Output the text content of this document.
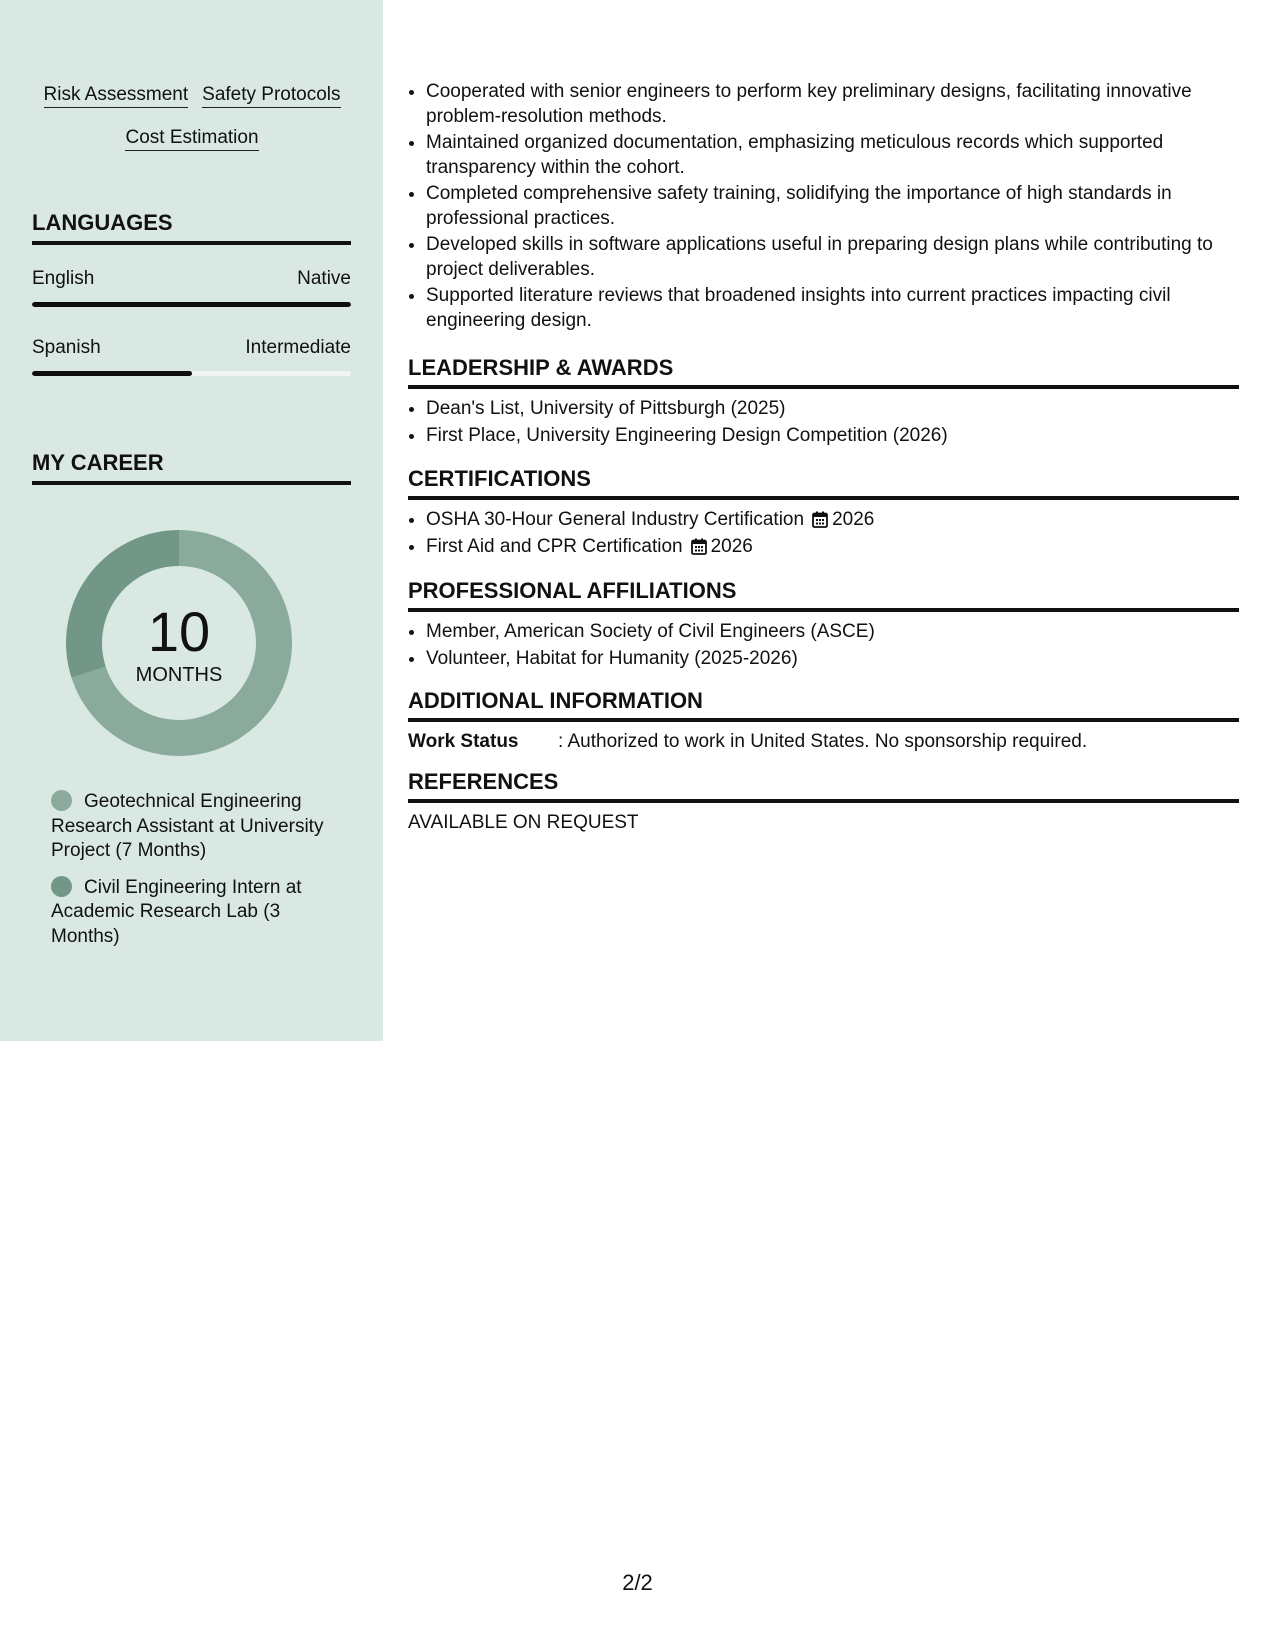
Risk Assessment Safety Protocols
Cost Estimation
LANGUAGES
English	Native
Spanish	Intermediate
MY CAREER
10
MONTHS
Geotechnical Engineering Research Assistant at University Project (7 Months)
Civil Engineering Intern at Academic Research Lab (3 Months)
• Cooperated with senior engineers to perform key preliminary designs, facilitating innovative problem-resolution methods.
• Maintained organized documentation, emphasizing meticulous records which supported transparency within the cohort.
• Completed comprehensive safety training, solidifying the importance of high standards in professional practices.
• Developed skills in software applications useful in preparing design plans while contributing to project deliverables.
• Supported literature reviews that broadened insights into current practices impacting civil engineering design.
LEADERSHIP & AWARDS
• Dean's List, University of Pittsburgh (2025)
• First Place, University Engineering Design Competition (2026)
CERTIFICATIONS
• OSHA 30-Hour General Industry Certification 2026
• First Aid and CPR Certification 2026
PROFESSIONAL AFFILIATIONS
• Member, American Society of Civil Engineers (ASCE)
• Volunteer, Habitat for Humanity (2025-2026)
ADDITIONAL INFORMATION
Work Status : Authorized to work in United States. No sponsorship required.
REFERENCES
AVAILABLE ON REQUEST
2/2
